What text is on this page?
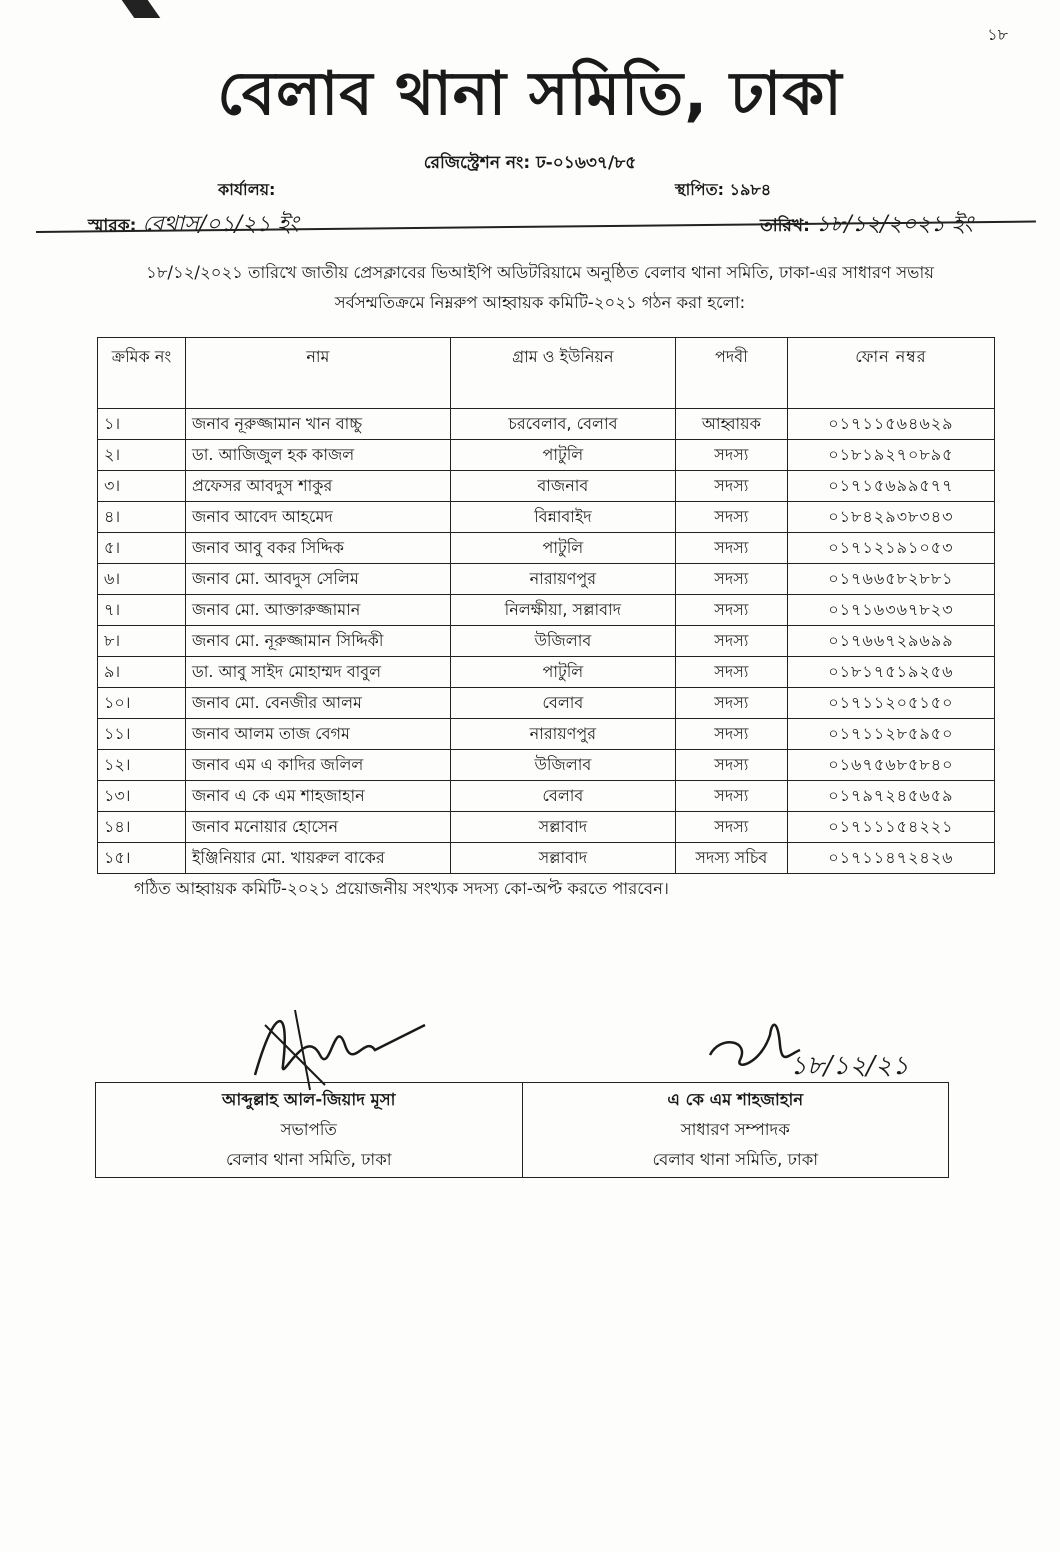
১৮
বেলাব থানা সমিতি, ঢাকা
রেজিস্ট্রেশন নং: ঢ-০১৬৩৭/৮৫
কার্যালয়:	স্থাপিত: ১৯৮৪
স্মারক: বেথাস/০১/২১ ইং	তারিখ: ১৮/১২/২০২১ ইং
১৮/১২/২০২১ তারিখে জাতীয় প্রেসক্লাবের ভিআইপি অডিটরিয়ামে অনুষ্ঠিত বেলাব থানা সমিতি, ঢাকা-এর সাধারণ সভায় সর্বসম্মতিক্রমে নিম্নরুপ আহ্বায়ক কমিটি-২০২১ গঠন করা হলো:
ক্রমিক নং	নাম	গ্রাম ও ইউনিয়ন	পদবী	ফোন নম্বর
১।	জনাব নূরুজ্জামান খান বাচ্চু	চরবেলাব, বেলাব	আহ্বায়ক	০১৭১১৫৬৪৬২৯
২।	ডা. আজিজুল হক কাজল	পাটুলি	সদস্য	০১৮১৯২৭০৮৯৫
৩।	প্রফেসর আবদুস শাকুর	বাজনাব	সদস্য	০১৭১৫৬৯৯৫৭৭
৪।	জনাব আবেদ আহমেদ	বিন্নাবাইদ	সদস্য	০১৮৪২৯৩৮৩৪৩
৫।	জনাব আবু বকর সিদ্দিক	পাটুলি	সদস্য	০১৭১২১৯১০৫৩
৬।	জনাব মো. আবদুস সেলিম	নারায়ণপুর	সদস্য	০১৭৬৬৫৮২৮৮১
৭।	জনাব মো. আক্তারুজ্জামান	নিলক্ষীয়া, সল্লাবাদ	সদস্য	০১৭১৬৩৬৭৮২৩
৮।	জনাব মো. নূরুজ্জামান সিদ্দিকী	উজিলাব	সদস্য	০১৭৬৬৭২৯৬৯৯
৯।	ডা. আবু সাইদ মোহাম্মদ বাবুল	পাটুলি	সদস্য	০১৮১৭৫১৯২৫৬
১০।	জনাব মো. বেনজীর আলম	বেলাব	সদস্য	০১৭১১২০৫১৫০
১১।	জনাব আলম তাজ বেগম	নারায়ণপুর	সদস্য	০১৭১১২৮৫৯৫০
১২।	জনাব এম এ কাদির জলিল	উজিলাব	সদস্য	০১৬৭৫৬৮৫৮৪০
১৩।	জনাব এ কে এম শাহজাহান	বেলাব	সদস্য	০১৭৯৭২৪৫৬৫৯
১৪।	জনাব মনোয়ার হোসেন	সল্লাবাদ	সদস্য	০১৭১১১৫৪২২১
১৫।	ইঞ্জিনিয়ার মো. খায়রুল বাকের	সল্লাবাদ	সদস্য সচিব	০১৭১১৪৭২৪২৬
গঠিত আহ্বায়ক কমিটি-২০২১ প্রয়োজনীয় সংখ্যক সদস্য কো-অপ্ট করতে পারবেন।
১৮/১২/২১
আব্দুল্লাহ আল-জিয়াদ মূসা
সভাপতি
বেলাব থানা সমিতি, ঢাকা
এ কে এম শাহজাহান
সাধারণ সম্পাদক
বেলাব থানা সমিতি, ঢাকা
